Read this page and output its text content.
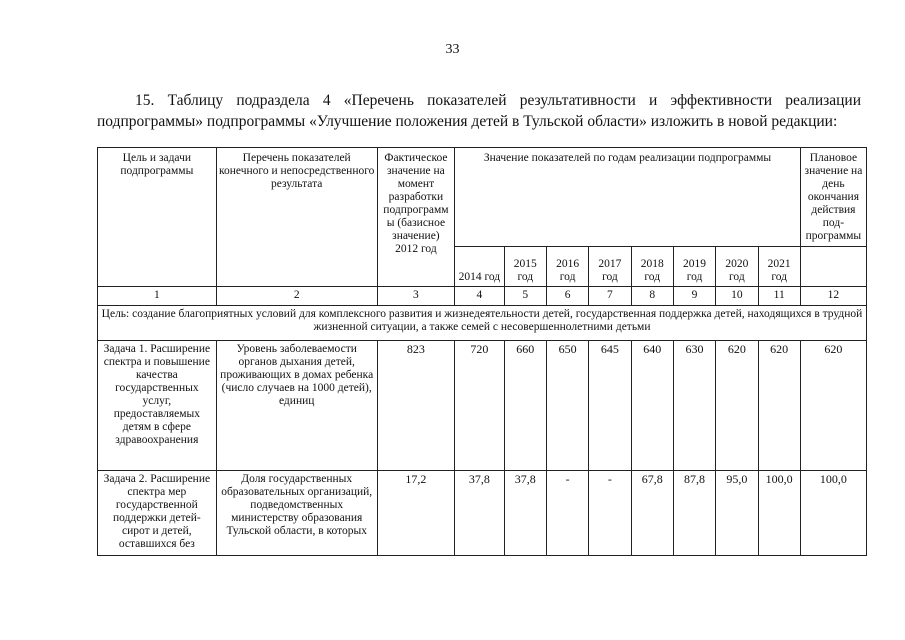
33
15. Таблицу подраздела 4 «Перечень показателей результативности и эффективности реализации подпрограммы» подпрограммы «Улучшение положения детей в Тульской области» изложить в новой редакции:
Цель и задачи подпрограммы	Перечень показателей конечного и непосредственного результата	Фактическое значение на момент разработки подпрограмм ы (базисное значение) 2012 год	Значение показателей по годам реализации подпрограммы								Плановое значение на день окончания действия под-программы
			2014 год	2015 год	2016 год	2017 год	2018 год	2019 год	2020 год	2021 год	
1	2	3	4	5	6	7	8	9	10	11	12
Цель: создание благоприятных условий для комплексного развития и жизнедеятельности детей, государственная поддержка детей, находящихся в трудной жизненной ситуации, а также семей с несовершеннолетними детьми											
Задача 1. Расширение спектра и повышение качества государственных услуг, предоставляемых детям в сфере здравоохранения	Уровень заболеваемости органов дыхания детей, проживающих в домах ребенка (число случаев на 1000 детей), единиц	823	720	660	650	645	640	630	620	620	620
Задача 2. Расширение спектра мер государственной поддержки детей-сирот и детей, оставшихся без	Доля государственных образовательных организаций, подведомственных министерству образования Тульской области, в которых	17,2	37,8	37,8	-	-	67,8	87,8	95,0	100,0	100,0
